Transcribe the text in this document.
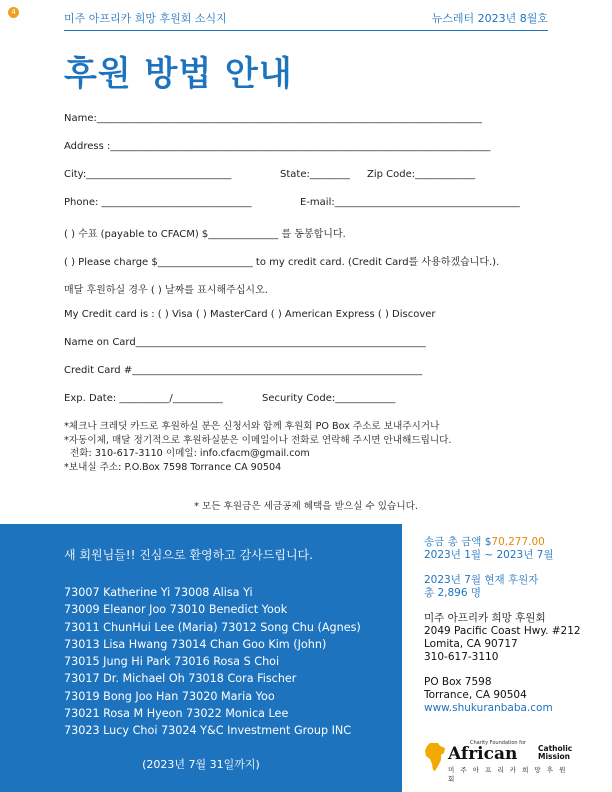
4	미주 아프리카 희망 후원회 소식지	뉴스레터 2023년 8월호
후원 방법 안내
Name:_____________________________________________________________________________
Address :____________________________________________________________________________
City:_____________________________	State:________ Zip Code:____________
Phone: ______________________________	E-mail:_____________________________________
( ) 수표 (payable to CFACM) $______________ 를 동봉합니다.
( ) Please charge $___________________ to my credit card. (Credit Card를 사용하겠습니다.).
매달 후원하실 경우 ( ) 날짜를 표시해주십시오.
My Credit card is : ( ) Visa ( ) MasterCard ( ) American Express ( ) Discover
Name on Card__________________________________________________________
Credit Card #__________________________________________________________
Exp. Date: __________/__________	Security Code:____________
*체크나 크레딧 카드로 후원하실 분은 신청서와 함께 후원회 PO Box 주소로 보내주시거나
*자동이체, 매달 정기적으로 후원하실분은 이메일이나 전화로 연락해 주시면 안내해드립니다.
전화: 310-617-3110 이메일: info.cfacm@gmail.com
*보내실 주소: P.O.Box 7598 Torrance CA 90504
* 모든 후원금은 세금공제 혜택을 받으실 수 있습니다.
새 회원님들!! 진심으로 환영하고 감사드립니다.
73007 Katherine Yi 73008 Alisa Yi
73009 Eleanor Joo 73010 Benedict Yook
73011 ChunHui Lee (Maria) 73012 Song Chu (Agnes)
73013 Lisa Hwang 73014 Chan Goo Kim (John)
73015 Jung Hi Park 73016 Rosa S Choi
73017 Dr. Michael Oh 73018 Cora Fischer
73019 Bong Joo Han 73020 Maria Yoo
73021 Rosa M Hyeon 73022 Monica Lee
73023 Lucy Choi 73024 Y&C Investment Group INC
(2023년 7월 31일까지)
송금 총 금액 $70,277.00
2023년 1월 ~ 2023년 7월
2023년 7월 현재 후원자
총 2,896 명
미주 아프리카 희망 후원회
2049 Pacific Coast Hwy. #212
Lomita, CA 90717
310-617-3110
PO Box 7598
Torrance, CA 90504
www.shukuranbaba.com
Charity Foundation for
African	Catholic
Mission
미 주 아 프 리 카 희 망 후 원 회
